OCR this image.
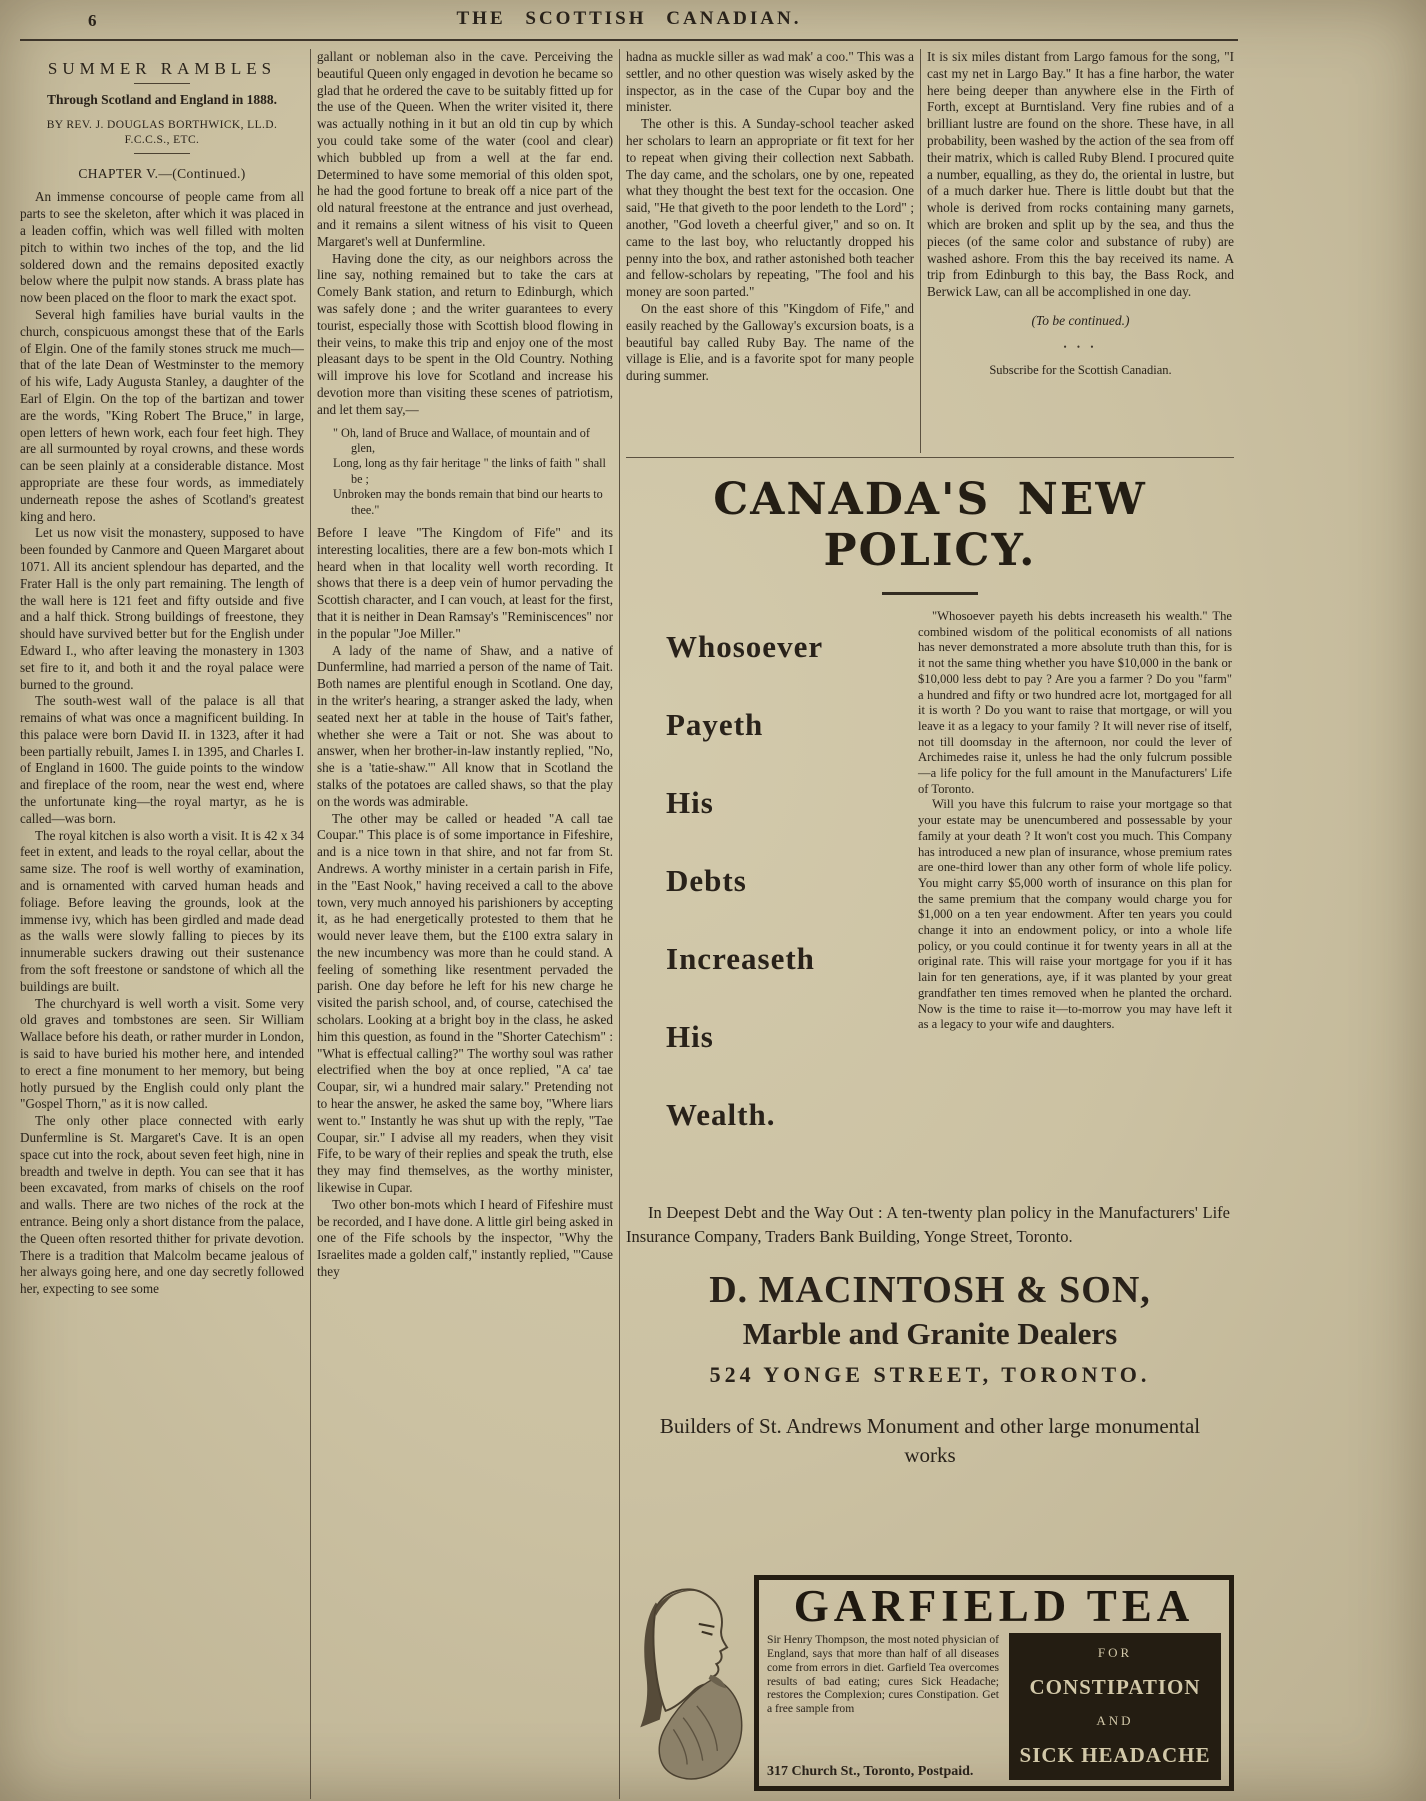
6	THE SCOTTISH CANADIAN.
SUMMER RAMBLES
Through Scotland and England in 1888.
BY REV. J. DOUGLAS BORTHWICK, LL.D.
F.C.C.S., ETC.
CHAPTER V.—(Continued.)

An immense concourse of people came from all parts to see the skeleton, after which it was placed in a leaden coffin, which was well filled with molten pitch to within two inches of the top, and the lid soldered down and the remains deposited exactly below where the pulpit now stands. A brass plate has now been placed on the floor to mark the exact spot.

Several high families have burial vaults in the church, conspicuous amongst these that of the Earls of Elgin. One of the family stones struck me much—that of the late Dean of Westminster to the memory of his wife, Lady Augusta Stanley, a daughter of the Earl of Elgin. On the top of the bartizan and tower are the words, "King Robert The Bruce," in large, open letters of hewn work, each four feet high. They are all surmounted by royal crowns, and these words can be seen plainly at a considerable distance. Most appropriate are these four words, as immediately underneath repose the ashes of Scotland's greatest king and hero.

Let us now visit the monastery, supposed to have been founded by Canmore and Queen Margaret about 1071. All its ancient splendour has departed, and the Frater Hall is the only part remaining. The length of the wall here is 121 feet and fifty outside and five and a half thick. Strong buildings of freestone, they should have survived better but for the English under Edward I., who after leaving the monastery in 1303 set fire to it, and both it and the royal palace were burned to the ground.

The south-west wall of the palace is all that remains of what was once a magnificent building. In this palace were born David II. in 1323, after it had been partially rebuilt, James I. in 1395, and Charles I. of England in 1600. The guide points to the window and fireplace of the room, near the west end, where the unfortunate king—the royal martyr, as he is called—was born.

The royal kitchen is also worth a visit. It is 42 x 34 feet in extent, and leads to the royal cellar, about the same size. The roof is well worthy of examination, and is ornamented with carved human heads and foliage. Before leaving the grounds, look at the immense ivy, which has been girdled and made dead as the walls were slowly falling to pieces by its innumerable suckers drawing out their sustenance from the soft freestone or sandstone of which all the buildings are built.

The churchyard is well worth a visit. Some very old graves and tombstones are seen. Sir William Wallace before his death, or rather murder in London, is said to have buried his mother here, and intended to erect a fine monument to her memory, but being hotly pursued by the English could only plant the "Gospel Thorn," as it is now called.

The only other place connected with early Dunfermline is St. Margaret's Cave. It is an open space cut into the rock, about seven feet high, nine in breadth and twelve in depth. You can see that it has been excavated, from marks of chisels on the roof and walls. There are two niches of the rock at the entrance. Being only a short distance from the palace, the Queen often resorted thither for private devotion. There is a tradition that Malcolm became jealous of her always going here, and one day secretly followed her, expecting to see some

gallant or nobleman also in the cave. Perceiving the beautiful Queen only engaged in devotion he became so glad that he ordered the cave to be suitably fitted up for the use of the Queen. When the writer visited it, there was actually nothing in it but an old tin cup by which you could take some of the water (cool and clear) which bubbled up from a well at the far end. Determined to have some memorial of this olden spot, he had the good fortune to break off a nice part of the old natural freestone at the entrance and just overhead, and it remains a silent witness of his visit to Queen Margaret's well at Dunfermline.

Having done the city, as our neighbors across the line say, nothing remained but to take the cars at Comely Bank station, and return to Edinburgh, which was safely done ; and the writer guarantees to every tourist, especially those with Scottish blood flowing in their veins, to make this trip and enjoy one of the most pleasant days to be spent in the Old Country. Nothing will improve his love for Scotland and increase his devotion more than visiting these scenes of patriotism, and let them say,—

" Oh, land of Bruce and Wallace, of mountain and of glen,

Long, long as thy fair heritage " the links of faith " shall be ;

Unbroken may the bonds remain that bind our hearts to thee."

Before I leave "The Kingdom of Fife" and its interesting localities, there are a few bon-mots which I heard when in that locality well worth recording. It shows that there is a deep vein of humor pervading the Scottish character, and I can vouch, at least for the first, that it is neither in Dean Ramsay's "Reminiscences" nor in the popular "Joe Miller."

A lady of the name of Shaw, and a native of Dunfermline, had married a person of the name of Tait. Both names are plentiful enough in Scotland. One day, in the writer's hearing, a stranger asked the lady, when seated next her at table in the house of Tait's father, whether she were a Tait or not. She was about to answer, when her brother-in-law instantly replied, "No, she is a 'tatie-shaw.'" All know that in Scotland the stalks of the potatoes are called shaws, so that the play on the words was admirable.

The other may be called or headed "A call tae Coupar." This place is of some importance in Fifeshire, and is a nice town in that shire, and not far from St. Andrews. A worthy minister in a certain parish in Fife, in the "East Nook," having received a call to the above town, very much annoyed his parishioners by accepting it, as he had energetically protested to them that he would never leave them, but the £100 extra salary in the new incumbency was more than he could stand. A feeling of something like resentment pervaded the parish. One day before he left for his new charge he visited the parish school, and, of course, catechised the scholars. Looking at a bright boy in the class, he asked him this question, as found in the "Shorter Catechism" : "What is effectual calling?" The worthy soul was rather electrified when the boy at once replied, "A ca' tae Coupar, sir, wi a hundred mair salary." Pretending not to hear the answer, he asked the same boy, "Where liars went to." Instantly he was shut up with the reply, "Tae Coupar, sir." I advise all my readers, when they visit Fife, to be wary of their replies and speak the truth, else they may find themselves, as the worthy minister, likewise in Cupar.

Two other bon-mots which I heard of Fifeshire must be recorded, and I have done. A little girl being asked in one of the Fife schools by the inspector, "Why the Israelites made a golden calf," instantly replied, "'Cause they

hadna as muckle siller as wad mak' a coo." This was a settler, and no other question was wisely asked by the inspector, as in the case of the Cupar boy and the minister.

The other is this. A Sunday-school teacher asked her scholars to learn an appropriate or fit text for her to repeat when giving their collection next Sabbath. The day came, and the scholars, one by one, repeated what they thought the best text for the occasion. One said, "He that giveth to the poor lendeth to the Lord" ; another, "God loveth a cheerful giver," and so on. It came to the last boy, who reluctantly dropped his penny into the box, and rather astonished both teacher and fellow-scholars by repeating, "The fool and his money are soon parted."

On the east shore of this "Kingdom of Fife," and easily reached by the Galloway's excursion boats, is a beautiful bay called Ruby Bay. The name of the village is Elie, and is a favorite spot for many people during summer.

It is six miles distant from Largo famous for the song, "I cast my net in Largo Bay." It has a fine harbor, the water here being deeper than anywhere else in the Firth of Forth, except at Burntisland. Very fine rubies and of a brilliant lustre are found on the shore. These have, in all probability, been washed by the action of the sea from off their matrix, which is called Ruby Blend. I procured quite a number, equalling, as they do, the oriental in lustre, but of a much darker hue. There is little doubt but that the whole is derived from rocks containing many garnets, which are broken and split up by the sea, and thus the pieces (of the same color and substance of ruby) are washed ashore. From this the bay received its name. A trip from Edinburgh to this bay, the Bass Rock, and Berwick Law, can all be accomplished in one day.

(To be continued.)
• • •
Subscribe for the Scottish Canadian.
CANADA'S NEW POLICY.

Whosoever

Payeth

His

Debts

Increaseth

His

Wealth.

"Whosoever payeth his debts increaseth his wealth." The combined wisdom of the political economists of all nations has never demonstrated a more absolute truth than this, for is it not the same thing whether you have $10,000 in the bank or $10,000 less debt to pay ? Are you a farmer ? Do you "farm" a hundred and fifty or two hundred acre lot, mortgaged for all it is worth ? Do you want to raise that mortgage, or will you leave it as a legacy to your family ? It will never rise of itself, not till doomsday in the afternoon, nor could the lever of Archimedes raise it, unless he had the only fulcrum possible—a life policy for the full amount in the Manufacturers' Life of Toronto.

Will you have this fulcrum to raise your mortgage so that your estate may be unencumbered and possessable by your family at your death ? It won't cost you much. This Company has introduced a new plan of insurance, whose premium rates are one-third lower than any other form of whole life policy. You might carry $5,000 worth of insurance on this plan for the same premium that the company would charge you for $1,000 on a ten year endowment. After ten years you could change it into an endowment policy, or into a whole life policy, or you could continue it for twenty years in all at the original rate. This will raise your mortgage for you if it has lain for ten generations, aye, if it was planted by your great grandfather ten times removed when he planted the orchard. Now is the time to raise it—to-morrow you may have left it as a legacy to your wife and daughters.

In Deepest Debt and the Way Out : A ten-twenty plan policy in the Manufacturers' Life Insurance Company, Traders Bank Building, Yonge Street, Toronto.

D. MACINTOSH & SON,
Marble and Granite Dealers
524 YONGE STREET, TORONTO.
Builders of St. Andrews Monument and other large monumental works
GARFIELD TEA
Sir Henry Thompson, the most noted physician of England, says that more than half of all diseases come from errors in diet. Garfield Tea overcomes results of bad eating; cures Sick Headache; restores the Complexion; cures Constipation. Get a free sample from
317 Church St., Toronto, Postpaid.

FOR

CONSTIPATION

AND

SICK HEADACHE
